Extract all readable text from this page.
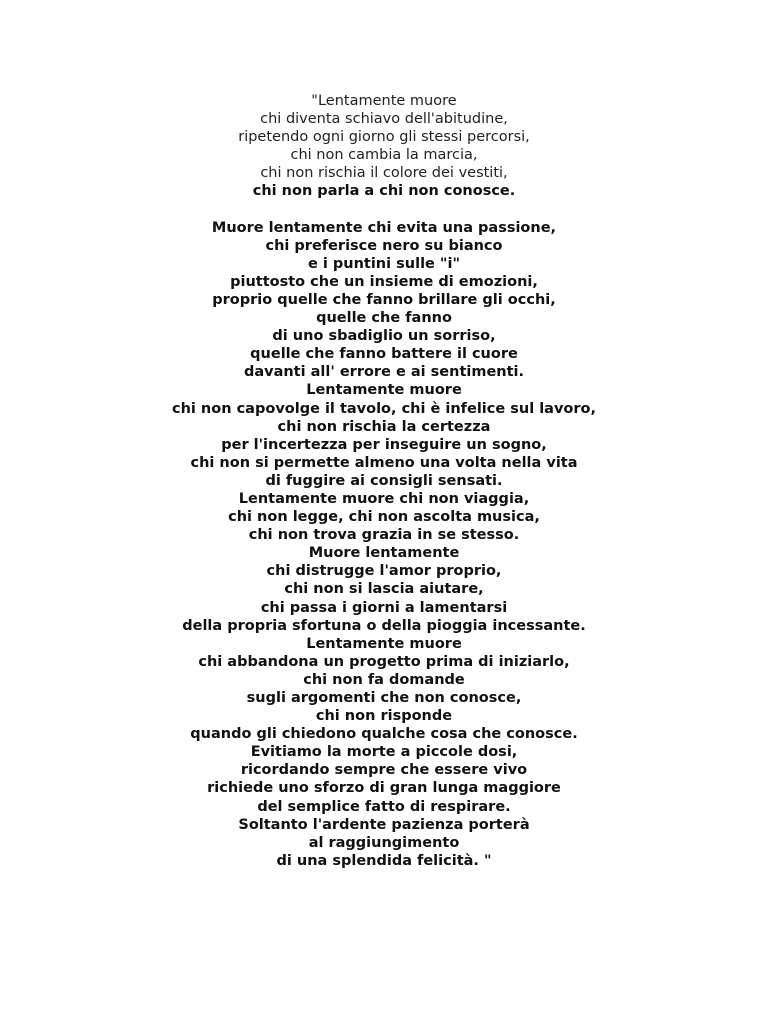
"Lentamente muore
chi diventa schiavo dell'abitudine,
ripetendo ogni giorno gli stessi percorsi,
chi non cambia la marcia,
chi non rischia il colore dei vestiti,
chi non parla a chi non conosce.
Muore lentamente chi evita una passione,
chi preferisce nero su bianco
e i puntini sulle "i"
piuttosto che un insieme di emozioni,
proprio quelle che fanno brillare gli occhi,
quelle che fanno
di uno sbadiglio un sorriso,
quelle che fanno battere il cuore
davanti all' errore e ai sentimenti.
Lentamente muore
chi non capovolge il tavolo, chi è infelice sul lavoro,
chi non rischia la certezza
per l'incertezza per inseguire un sogno,
chi non si permette almeno una volta nella vita
di fuggire ai consigli sensati.
Lentamente muore chi non viaggia,
chi non legge, chi non ascolta musica,
chi non trova grazia in se stesso.
Muore lentamente
chi distrugge l'amor proprio,
chi non si lascia aiutare,
chi passa i giorni a lamentarsi
della propria sfortuna o della pioggia incessante.
Lentamente muore
chi abbandona un progetto prima di iniziarlo,
chi non fa domande
sugli argomenti che non conosce,
chi non risponde
quando gli chiedono qualche cosa che conosce.
Evitiamo la morte a piccole dosi,
ricordando sempre che essere vivo
richiede uno sforzo di gran lunga maggiore
del semplice fatto di respirare.
Soltanto l'ardente pazienza porterà
al raggiungimento
di una splendida felicità. "
